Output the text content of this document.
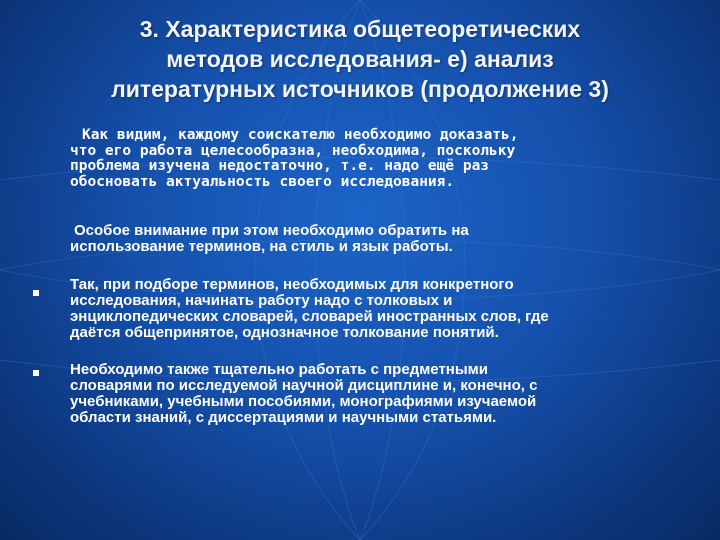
3. Характеристика общетеоретических
методов исследования- е) анализ
литературных источников (продолжение 3)
Как видим, каждому соискателю необходимо доказать,
что его работа целесообразна, необходима, поскольку
проблема изучена недостаточно, т.е. надо ещё раз
обосновать актуальность своего исследования.
Особое внимание при этом необходимо обратить на
использование терминов, на стиль и язык работы.
Так, при подборе терминов, необходимых для конкретного
исследования, начинать работу надо с толковых и
энциклопедических словарей, словарей иностранных слов, где
даётся общепринятое, однозначное толкование понятий.
Необходимо также тщательно работать с предметными
словарями по исследуемой научной дисциплине и, конечно, с
учебниками, учебными пособиями, монографиями изучаемой
области знаний, с диссертациями и научными статьями.
